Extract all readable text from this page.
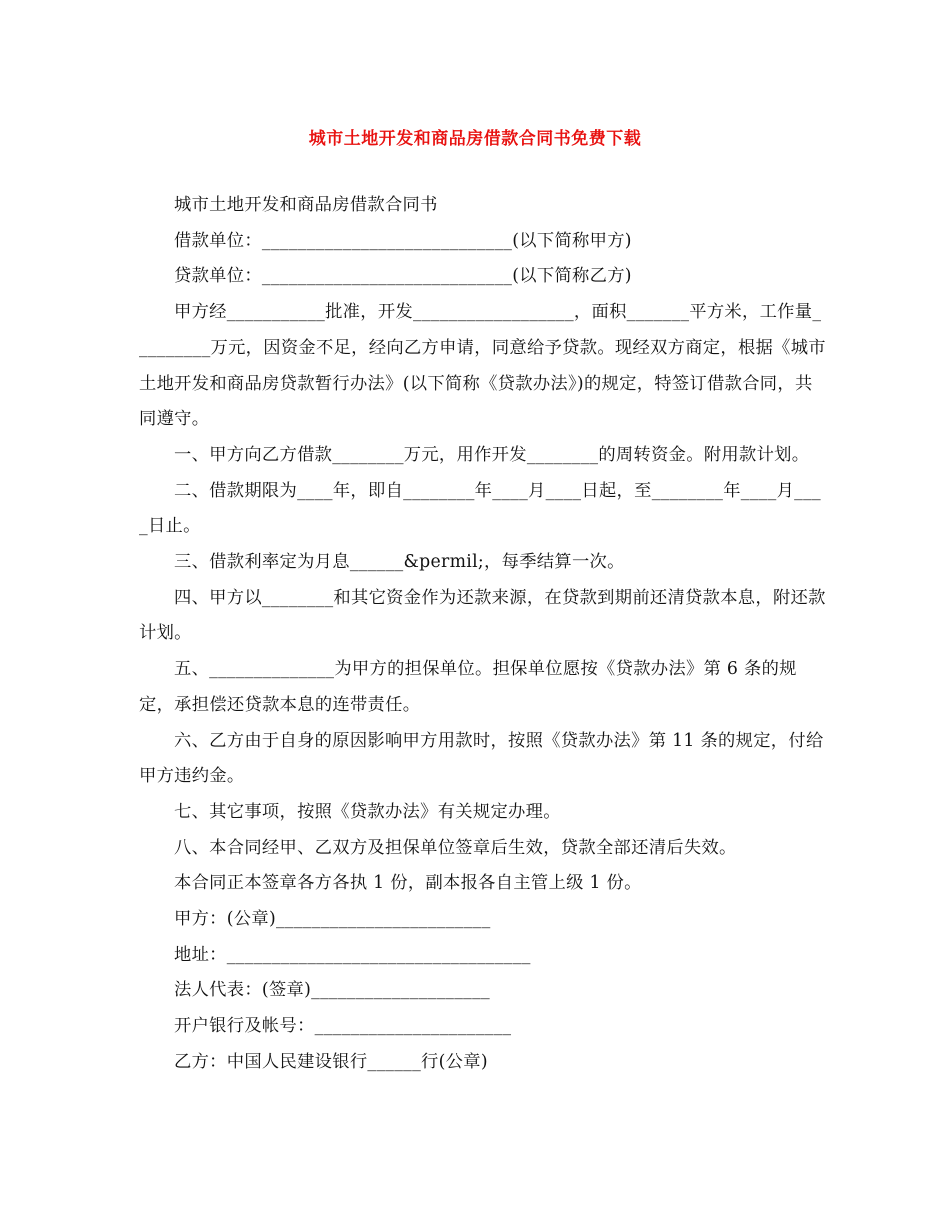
城市土地开发和商品房借款合同书免费下载

城市土地开发和商品房借款合同书

借款单位：____________________________(以下简称甲方)

贷款单位：____________________________(以下简称乙方)

甲方经___________批准，开发__________________，面积_______平方米，工作量_________万元，因资金不足，经向乙方申请，同意给予贷款。现经双方商定，根据《城市土地开发和商品房贷款暂行办法》(以下简称《贷款办法》)的规定，特签订借款合同，共同遵守。

一、甲方向乙方借款________万元，用作开发________的周转资金。附用款计划。

二、借款期限为____年，即自________年____月____日起，至________年____月____日止。

三、借款利率定为月息______&permil;，每季结算一次。

四、甲方以________和其它资金作为还款来源，在贷款到期前还清贷款本息，附还款计划。

五、______________为甲方的担保单位。担保单位愿按《贷款办法》第 6 条的规定，承担偿还贷款本息的连带责任。

六、乙方由于自身的原因影响甲方用款时，按照《贷款办法》第 11 条的规定，付给甲方违约金。

七、其它事项，按照《贷款办法》有关规定办理。

八、本合同经甲、乙双方及担保单位签章后生效，贷款全部还清后失效。

本合同正本签章各方各执 1 份，副本报各自主管上级 1 份。

甲方：(公章)________________________

地址：__________________________________

法人代表：(签章)____________________

开户银行及帐号：______________________

乙方：中国人民建设银行______行(公章)
